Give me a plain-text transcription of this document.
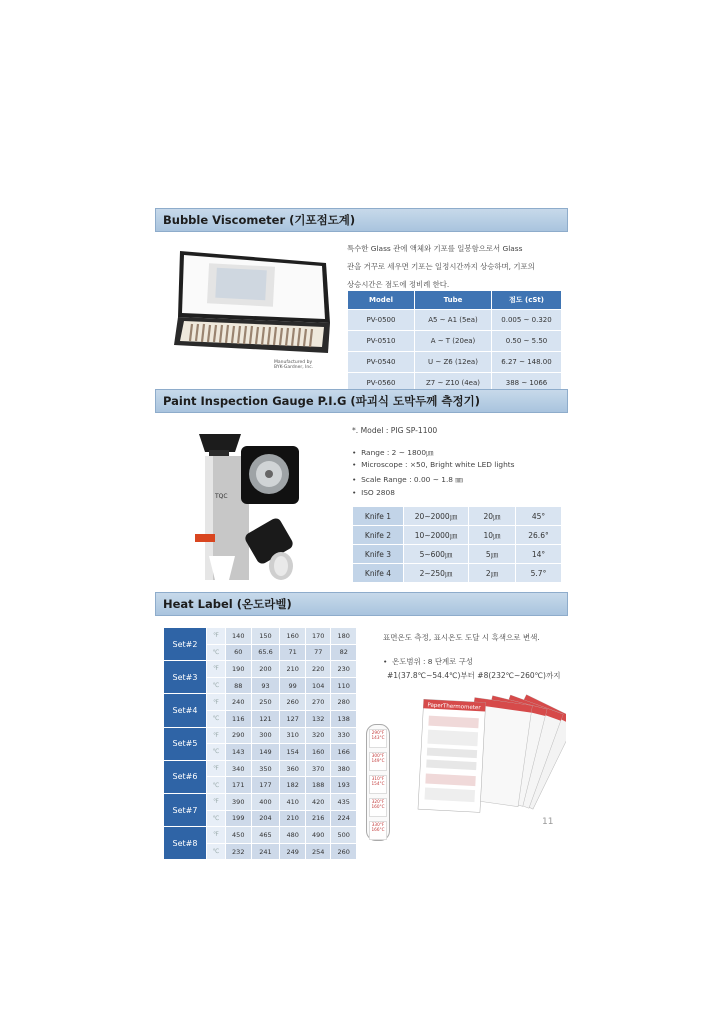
Bubble Viscometer (기포점도계)
Manufactured by
BYK-Gardner, Inc.
특수한 Glass 관에 액체와 기포를 일봉함으로서 Glass
관을 거꾸로 세우면 기포는 일정시간까지 상승하며, 기포의
상승시간은 점도에 정비례 한다.
Model	Tube	점도 (cSt)
PV-0500	A5 ~ A1 (5ea)	0.005 ~ 0.320
PV-0510	A ~ T (20ea)	0.50 ~ 5.50
PV-0540	U ~ Z6 (12ea)	6.27 ~ 148.00
PV-0560	Z7 ~ Z10 (4ea)	388 ~ 1066
Paint Inspection Gauge P.I.G (파괴식 도막두께 측정기)
TQC
*. Model : PIG SP-1100
•  Range : 2 ~ 1800㎛
•  Microscope : ×50, Bright white LED lights
•  Scale Range : 0.00 ~ 1.8 ㎜
•  ISO 2808
Knife 1	20~2000㎛	20㎛	45°
Knife 2	10~2000㎛	10㎛	26.6°
Knife 3	5~600㎛	5㎛	14°
Knife 4	2~250㎛	2㎛	5.7°
Heat Label (온도라벨)
Set#2	℉	140	150	160	170	180
	℃	60	65.6	71	77	82
Set#3	℉	190	200	210	220	230
	℃	88	93	99	104	110
Set#4	℉	240	250	260	270	280
	℃	116	121	127	132	138
Set#5	℉	290	300	310	320	330
	℃	143	149	154	160	166
Set#6	℉	340	350	360	370	380
	℃	171	177	182	188	193
Set#7	℉	390	400	410	420	435
	℃	199	204	210	216	224
Set#8	℉	450	465	480	490	500
	℃	232	241	249	254	260
290°F
143°C
300°F
149°C
310°F
154°C
320°F
160°C
330°F
166°C
표면온도 측정, 표시온도 도달 시 흑색으로 변색.
•  온도범위 : 8 단계로 구성
#1(37.8℃~54.4℃)부터 #8(232℃~260℃)까지
PaperThermometer
11
